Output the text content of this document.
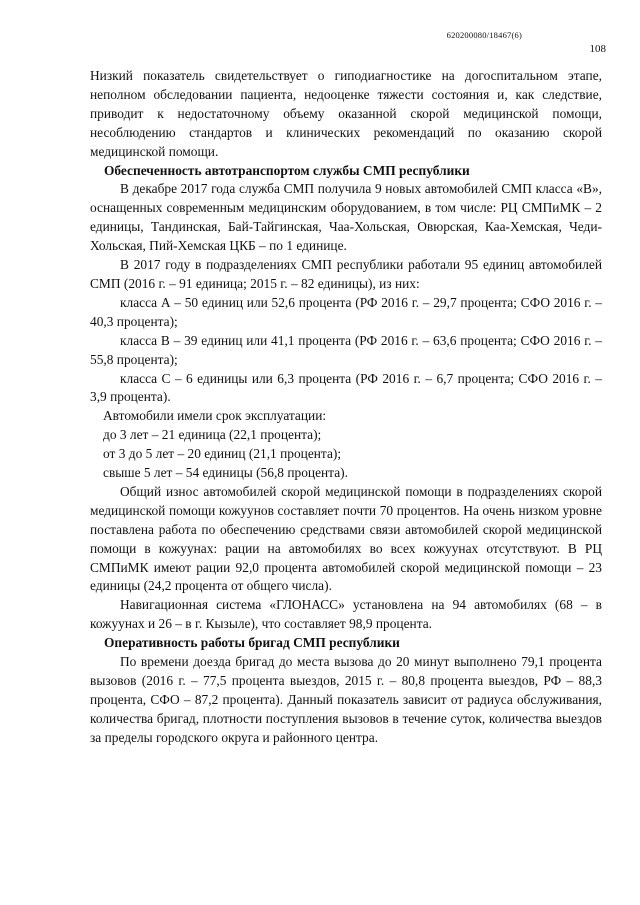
620200080/18467(6)
108

Низкий показатель свидетельствует о гиподиагностике на догоспитальном этапе, неполном обследовании пациента, недооценке тяжести состояния и, как следствие, приводит к недостаточному объему оказанной скорой медицинской помощи, несоблюдению стандартов и клинических рекомендаций по оказанию скорой медицинской помощи.

Обеспеченность автотранспортом службы СМП республики

В декабре 2017 года служба СМП получила 9 новых автомобилей СМП класса «В», оснащенных современным медицинским оборудованием, в том числе: РЦ СМПиМК – 2 единицы, Тандинская, Бай-Тайгинская, Чаа-Хольская, Овюрская, Каа-Хемская, Чеди-Хольская, Пий-Хемская ЦКБ – по 1 единице.

В 2017 году в подразделениях СМП республики работали 95 единиц автомобилей СМП (2016 г. – 91 единица; 2015 г. – 82 единицы), из них:

класса А – 50 единиц или 52,6 процента (РФ 2016 г. – 29,7 процента; СФО 2016 г. – 40,3 процента);

класса В – 39 единиц или 41,1 процента (РФ 2016 г. – 63,6 процента; СФО 2016 г. – 55,8 процента);

класса С – 6 единицы или 6,3 процента (РФ 2016 г. – 6,7 процента; СФО 2016 г. – 3,9 процента).

Автомобили имели срок эксплуатации:

до 3 лет – 21 единица (22,1 процента);

от 3 до 5 лет – 20 единиц (21,1 процента);

свыше 5 лет – 54 единицы (56,8 процента).

Общий износ автомобилей скорой медицинской помощи в подразделениях скорой медицинской помощи кожуунов составляет почти 70 процентов. На очень низком уровне поставлена работа по обеспечению средствами связи автомобилей скорой медицинской помощи в кожуунах: рации на автомобилях во всех кожуунах отсутствуют. В РЦ СМПиМК имеют рации 92,0 процента автомобилей скорой медицинской помощи – 23 единицы (24,2 процента от общего числа).

Навигационная система «ГЛОНАСС» установлена на 94 автомобилях (68 – в кожуунах и 26 – в г. Кызыле), что составляет 98,9 процента.

Оперативность работы бригад СМП республики

По времени доезда бригад до места вызова до 20 минут выполнено 79,1 процента вызовов (2016 г. – 77,5 процента выездов, 2015 г. – 80,8 процента выездов, РФ – 88,3 процента, СФО – 87,2 процента). Данный показатель зависит от радиуса обслуживания, количества бригад, плотности поступления вызовов в течение суток, количества выездов за пределы городского округа и районного центра.
